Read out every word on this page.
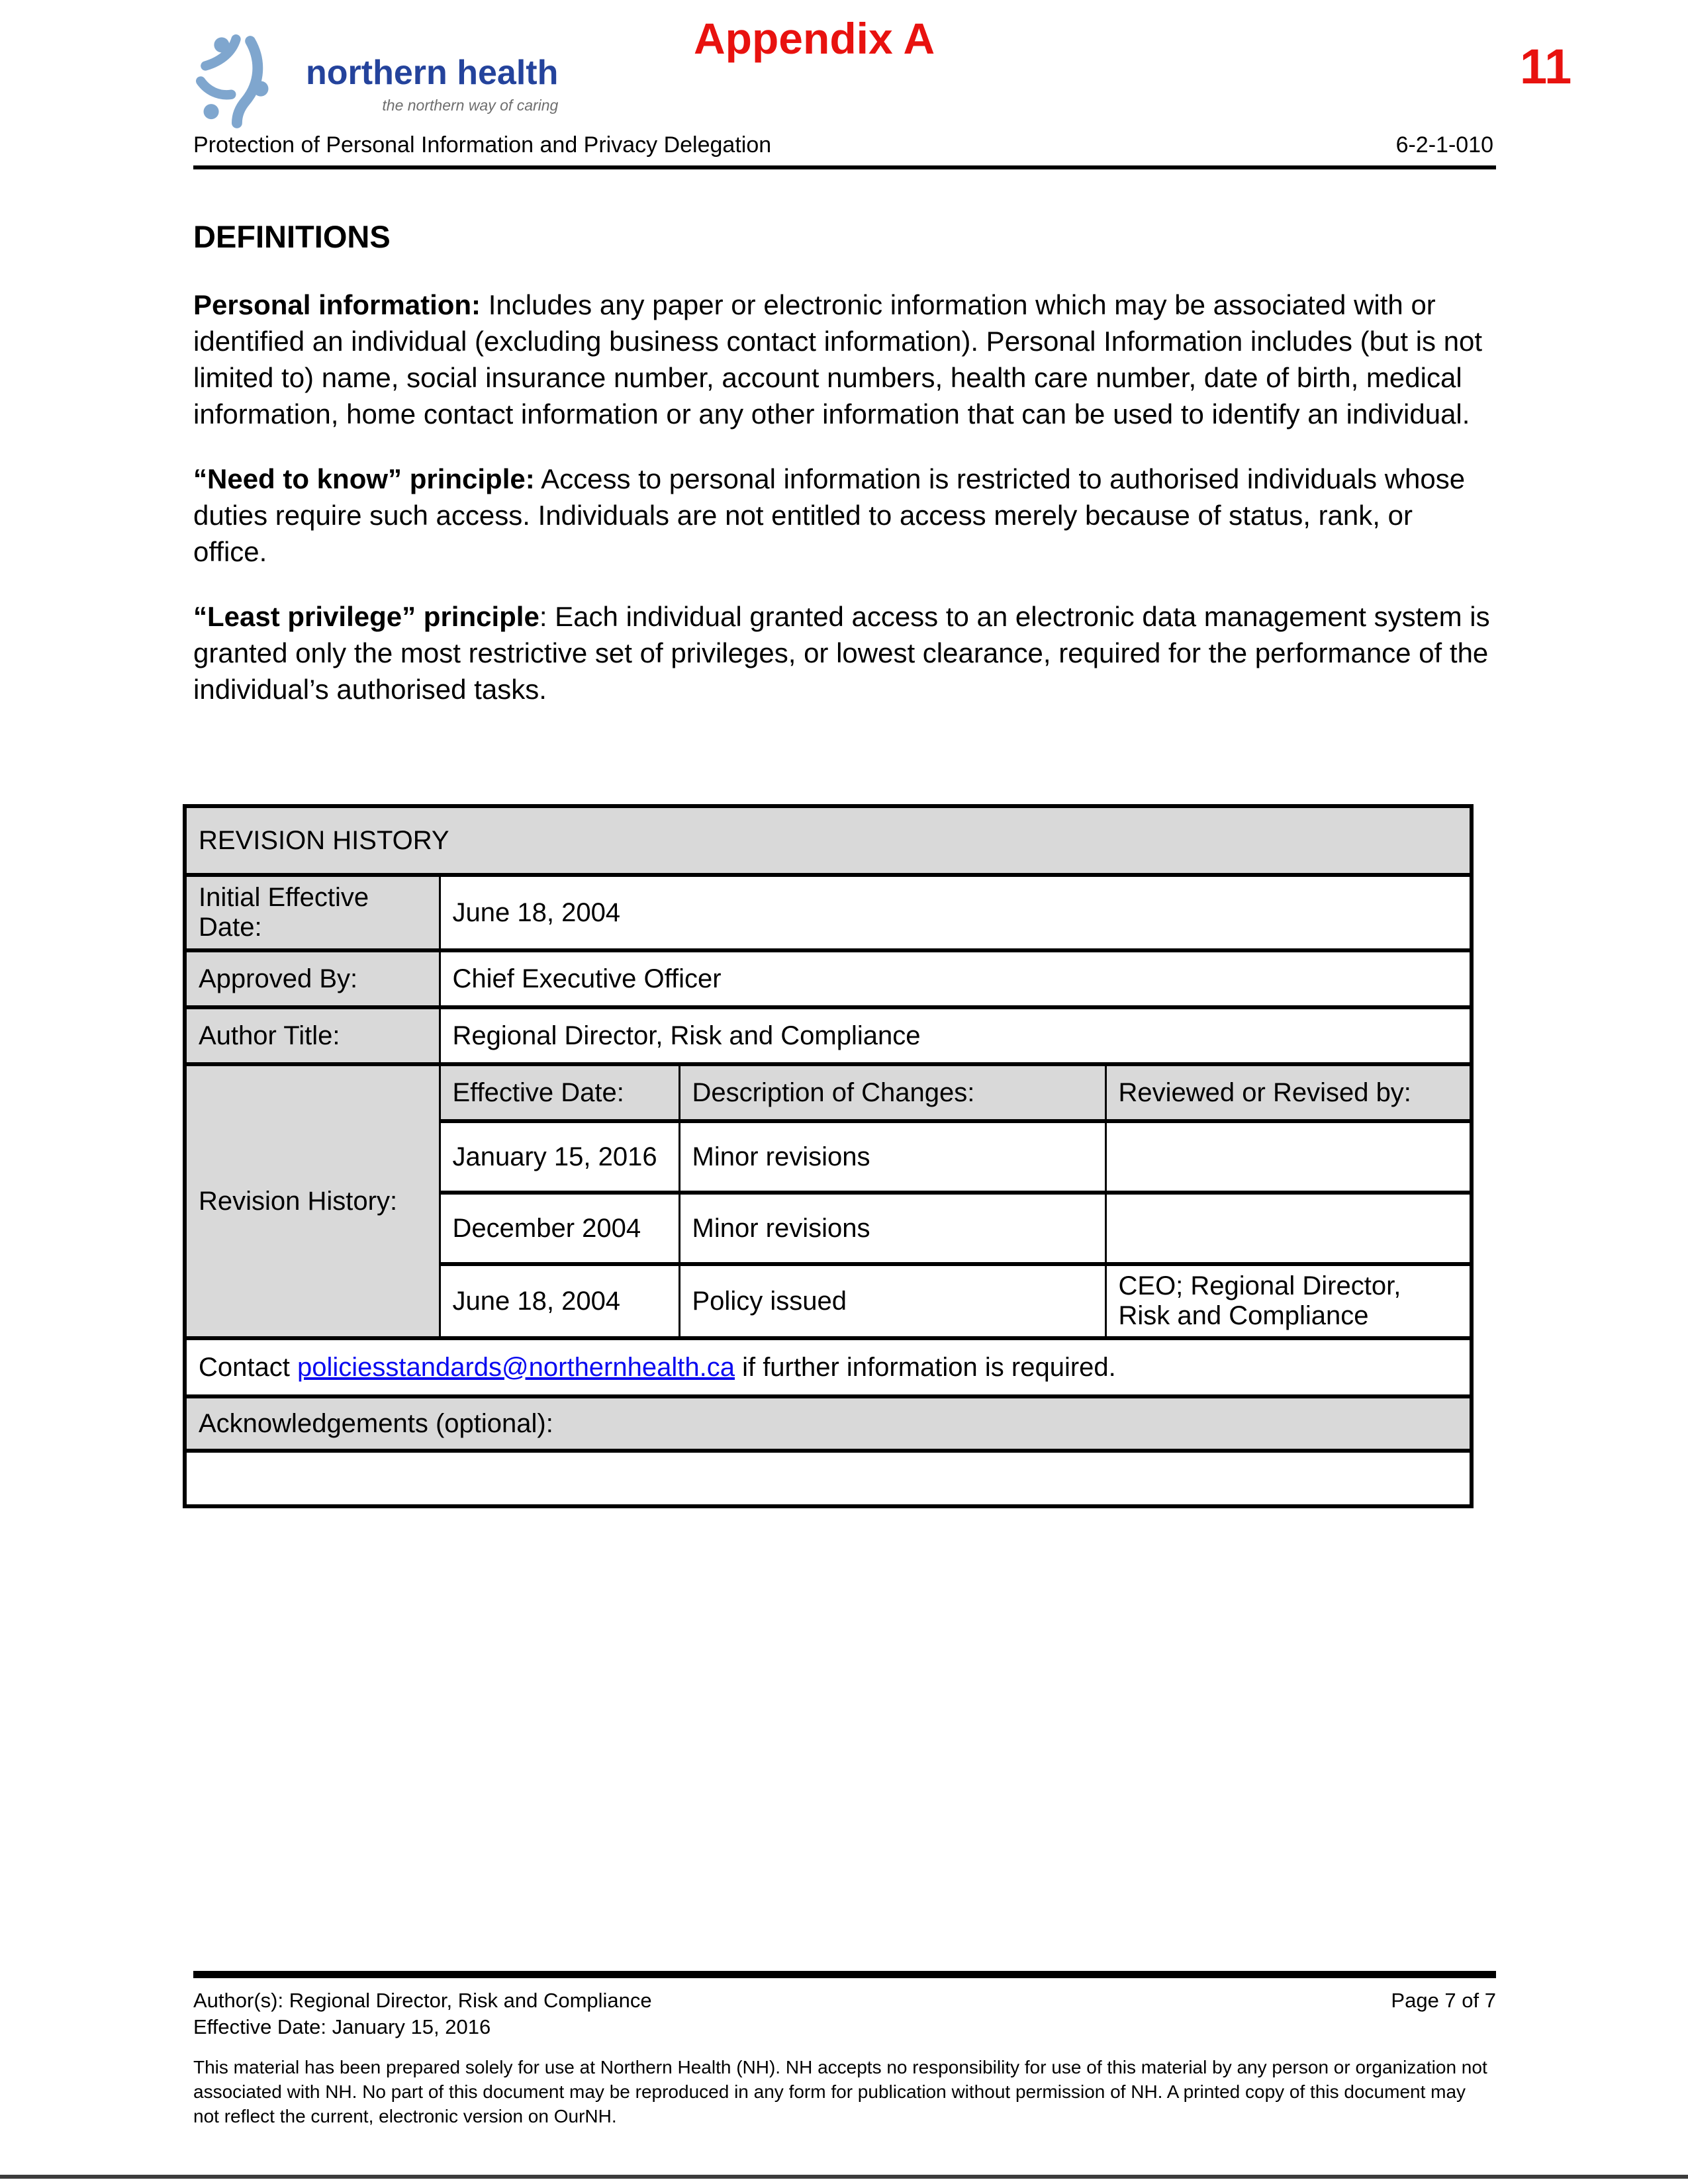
Appendix A
11
northern health
the northern way of caring
Protection of Personal Information and Privacy Delegation	6-2-1-010
DEFINITIONS

Personal information: Includes any paper or electronic information which may be associated with or identified an individual (excluding business contact information). Personal Information includes (but is not limited to) name, social insurance number, account numbers, health care number, date of birth, medical information, home contact information or any other information that can be used to identify an individual.

“Need to know” principle: Access to personal information is restricted to authorised individuals whose duties require such access. Individuals are not entitled to access merely because of status, rank, or office.

“Least privilege” principle: Each individual granted access to an electronic data management system is granted only the most restrictive set of privileges, or lowest clearance, required for the performance of the individual’s authorised tasks.

REVISION HISTORY			
Initial Effective Date:	June 18, 2004		
Approved By:	Chief Executive Officer		
Author Title:	Regional Director, Risk and Compliance		
Revision History:	Effective Date:	Description of Changes:	Reviewed or Revised by:
	January 15, 2016	Minor revisions	
	December 2004	Minor revisions	
	June 18, 2004	Policy issued	CEO; Regional Director, Risk and Compliance
Contact policiesstandards@northernhealth.ca if further information is required.			
Acknowledgements (optional):			

Author(s): Regional Director, Risk and Compliance	Page 7 of 7
Effective Date: January 15, 2016
This material has been prepared solely for use at Northern Health (NH). NH accepts no responsibility for use of this material by any person or organization not associated with NH. No part of this document may be reproduced in any form for publication without permission of NH. A printed copy of this document may not reflect the current, electronic version on OurNH.
